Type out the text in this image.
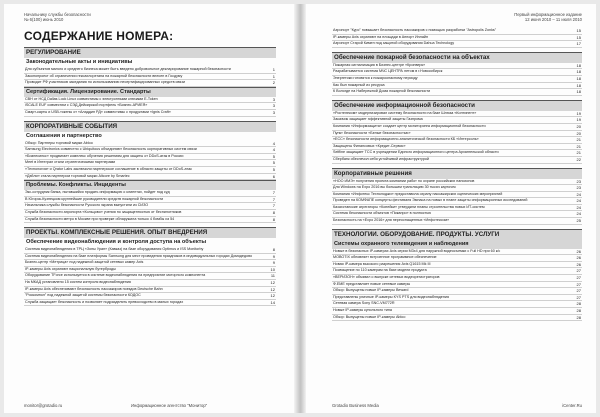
Начальнику службы безопасности
№ 6(100) июнь 2010
СОДЕРЖАНИЕ НОМЕРА:
РЕГУЛИРОВАНИЕ
Законодательные акты и инициативы
Для субъектов малого и среднего бизнеса может быть введено добровольное декларирование пожарной безопасности	1
Законопроект об ограничении гексахлорэтана на пожарной безопасности внесен в Госдуму	1
Проводит РФ участников заседания по использованию несертифицированных средств связи	2
Сертификация. Лицензирование. Стандарты
СВН от НСД Dallas Lock Linux совместимы с электронными ключами E-Token	3
iSCALE EUF совместим с СЭД Дейкирской портфель «Бизнес-АРИЕЯ»	3
Смарт-карты и USB-токены от «Аладдин РД» совместимы с продуктами «Ignis Craft»	3
КОРПОРАТИВНЫЕ СОБЫТИЯ
Соглашения и партнерство
Обзор: Партнеры торговой марки Abloo	4
Samsung Electronics совместно с Ubiquitous объединяют безопасность корпоративных систем связи	4
«Бизнесинкс» продвигает комплекс обучения решениям для защиты от DDoS-атак в России	5
Meet в Интеграл стали стратегическими партнерами	5
«Технология» и Qrator Labs заключили партнерское соглашение в области защиты от DDoS-атак	5
«Дэйли» стала партнером торговой марки Altcore by Smartec	6
Проблемы. Конфликты. Инциденты
Экс-сотрудник банка, пытавшийся продать информацию о клиентах, пойдет под суд	7
В Югорск-Кузнецком крупнейшие руководители средств пожарной безопасности	7
Начальника службы безопасности Русского экрана выпустили из СИЗО	7
Служба безопасности аэропорта «Кольцово» учения по защищенностью от беспилотников	8
Служба безопасности метро в Москве при проверке обнаружила только 4 бомбы из 54	8
ПРОЕКТЫ. КОМПЛЕКСНЫЕ РЕШЕНИЯ. ОПЫТ ВНЕДРЕНИЯ
Обеспечение видеонаблюдения и контроля доступа на объекты
Система видеонаблюдения в ТРЦ «Зоны Уран» (Кавказ) на базе оборудования Optimus и ISS Monitorby	8
Система видеонаблюдения на базе платформы Samsung для мест проведения праздников в индивидуальных городах Домодедово	9
Бизнес-центр «Метрица» под надежной защитой сетевых камер Axis	9
IP-камеры Axis охраняют национальную бутерброды	10
Оборудование TForce используется в системе видеонаблюдения на предприятие моторного компонента	11
На МКАД установлено 15 систем контроля видеонаблюдения	12
IP-камеры Axis обеспечивают безопасность пассажиров поездов Deutsche Bahn	12
"Роскомпол" под надежной защитой системы безопасности КОДОС	12
Служба защищает безопасность и позволяет подразделять превосходство в малых городах	14
monitor@grotadio.ru	Информационное агентство "Монитор"
Первый информационное издание
12 июня 2010 – 11 июля 2010
Аэропорт "Курс" повышает безопасность пассажиров с помощью разработки "Astropolis Zonks"	15
IP-камеры Axis охраняют на площади в Аппорт Инлайн	15
Аэропорт Старой Кимен под защитой оборудования Dahua Technology	17
Обеспечение пожарной безопасности на объектах
Пожарная сигнализация в Бизнес-центре «Кронверк»	18
Разрабатывается система МЧС ЦЕНТРА летом в г.Новосибирск	18
Энергетики готовятся к пожароопасному периоду	18
Как был пожарный из ресурса	18
К Вологде на Набережной Дома пожарной безопасности	18
Обеспечение информационной безопасности
«Ростелеком» модернизировал систему безопасности на базе Шлюза «Континент»	19
Заказчик защищает эффективной защиты Газпрома	19
Компания «Информзащита» создает центр мониторинга информационной безопасности	20
Пункт безопасности «Белые безопасностью»	20
«ЕСС» безопасности информационно-аналитической безопасности КБ «Интерсоль»	21
Защищены Финансовых «Кредит-Сервис»	21
Selfline защищает ТСС в учреждении Единого информационного центра Архангельской области	21
Сбербанк обеспечил себя устойчивой инфраструктурой	22
Корпоративные решения
«НОО ИМЭ» получения проекта компании работ по охране российских пансионов	23
Для Windows на Expo 2016 вы большим трансляцию 30 тысяч карточек	23
Компания «Инфотекс Технолоджи» предоставила охрану пассажирских сценических мероприятий	24
Проведен на КОМФАПЕ концерты фестиваля Эмпаса на новых в плане защиты информационных исследований	24
Казахстанские агрегаторы «Копейки» утвердили планы строительства новых ИТ-систем	24
Система безопасности объектов «Пикапро» в полностью	24
Безопасность на «Expo 2016» для переоснащенных «Инфотексом»	25
ТЕХНОЛОГИИ. ОБОРУДОВАНИЕ. ПРОДУКТЫ. УСЛУГИ
Системы охранного телевидения и наблюдения
Новые в безопасных IP-камерах Axis серии M3x4 для наружной видеосъемки с Full HD при 60 к/с	26
MOBOTIX обновляет встроенное программное обеспечение	26
Новая IP-камера высокого разрешения Axis Q1615 Mk III	26
Посвящение по 110 камерам на базе модели продукта	27
«ВЕРИЗОН» объявил о выпуске сетевых видеорегистраторов	27
Ф.ЕМЕ представляет новые сетевые камеры	27
Обзор: Выпущены новые IP-камеры Beward	27
Представлены уличные IP-камеры KYS PTS для видеонаблюдения	27
Сетевая камера Sony SNC-VM772R	28
Новые IP-камеры купольного типа	28
Обзор: Выпущены новые IP-камеры Abloo	28
Grotadio Business Media	iCenter.Ru
